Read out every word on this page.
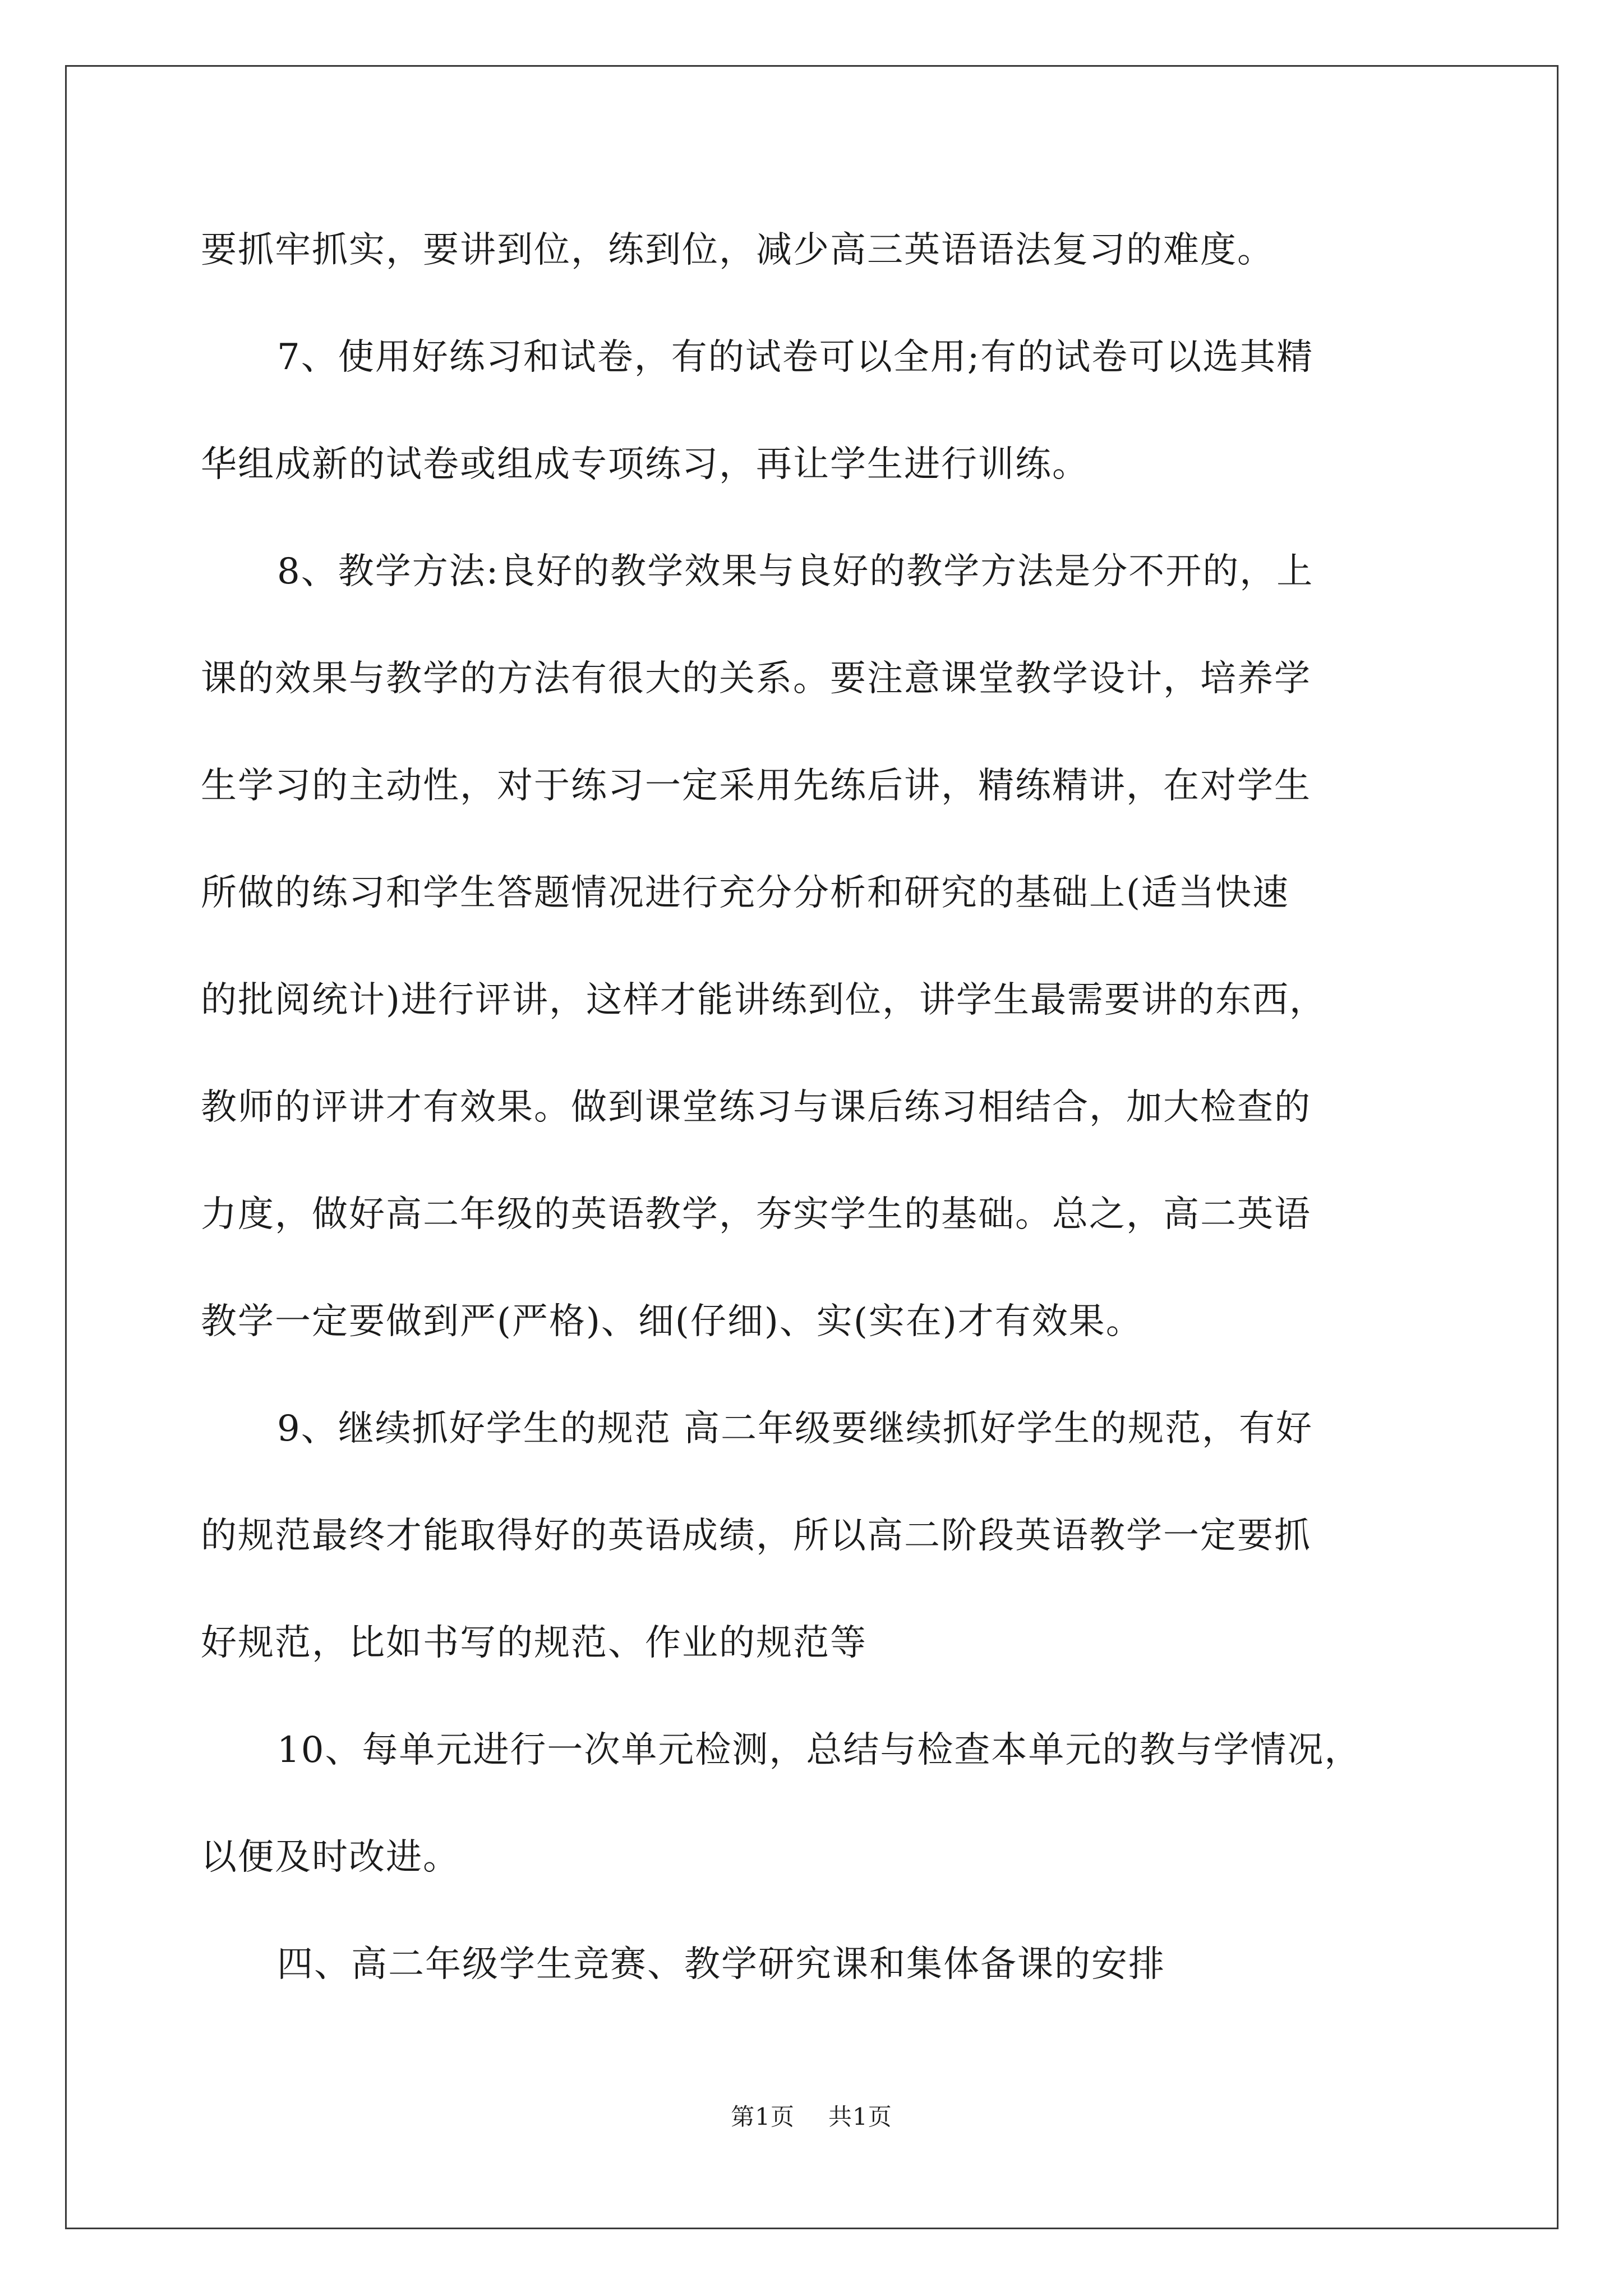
要抓牢抓实，要讲到位，练到位，减少高三英语语法复习的难度。
7、使用好练习和试卷，有的试卷可以全用;有的试卷可以选其精
华组成新的试卷或组成专项练习，再让学生进行训练。
8、教学方法:良好的教学效果与良好的教学方法是分不开的，上
课的效果与教学的方法有很大的关系。要注意课堂教学设计，培养学
生学习的主动性，对于练习一定采用先练后讲，精练精讲，在对学生
所做的练习和学生答题情况进行充分分析和研究的基础上(适当快速
的批阅统计)进行评讲，这样才能讲练到位，讲学生最需要讲的东西，
教师的评讲才有效果。做到课堂练习与课后练习相结合，加大检查的
力度，做好高二年级的英语教学，夯实学生的基础。总之，高二英语
教学一定要做到严(严格)、细(仔细)、实(实在)才有效果。
9、继续抓好学生的规范 高二年级要继续抓好学生的规范，有好
的规范最终才能取得好的英语成绩，所以高二阶段英语教学一定要抓
好规范，比如书写的规范、作业的规范等
10、每单元进行一次单元检测，总结与检查本单元的教与学情况，
以便及时改进。
四、高二年级学生竞赛、教学研究课和集体备课的安排
第1页 共1页
